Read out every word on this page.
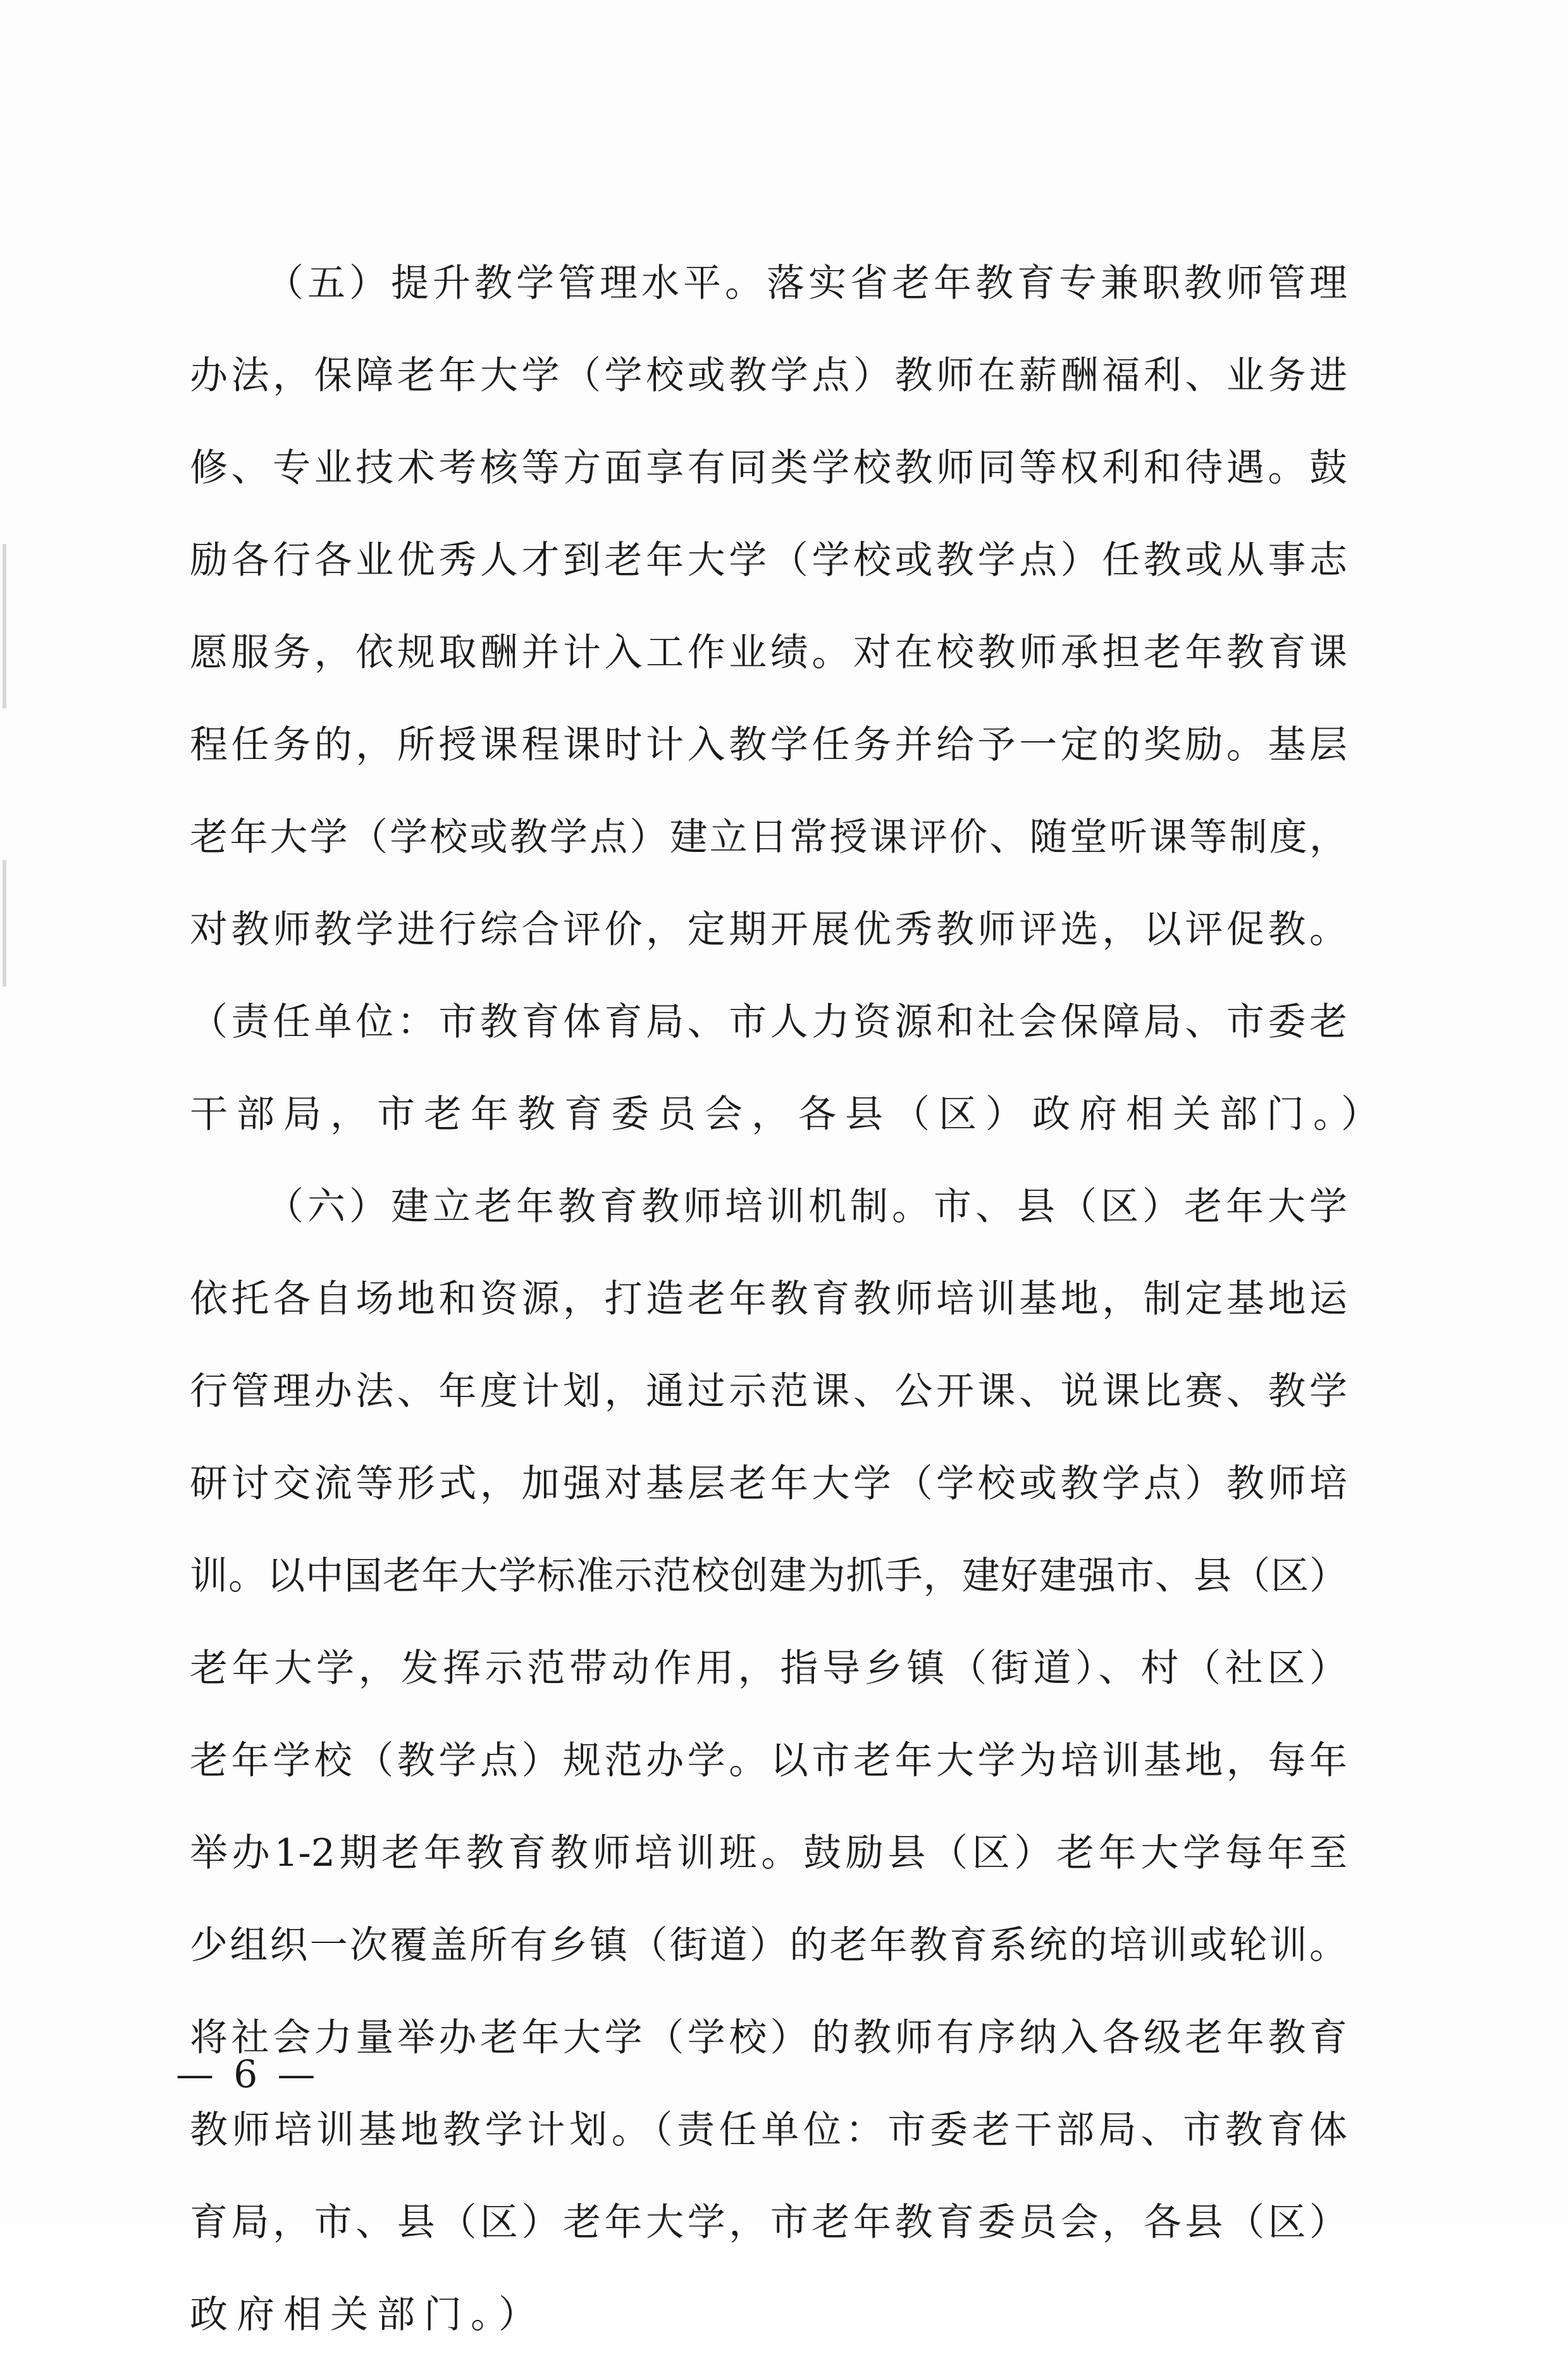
（五）提升教学管理水平。落实省老年教育专兼职教师管理
办法，保障老年大学（学校或教学点）教师在薪酬福利、业务进
修、专业技术考核等方面享有同类学校教师同等权利和待遇。鼓
励各行各业优秀人才到老年大学（学校或教学点）任教或从事志
愿服务，依规取酬并计入工作业绩。对在校教师承担老年教育课
程任务的，所授课程课时计入教学任务并给予一定的奖励。基层
老年大学（学校或教学点）建立日常授课评价、随堂听课等制度，
对教师教学进行综合评价，定期开展优秀教师评选，以评促教。
（责任单位：市教育体育局、市人力资源和社会保障局、市委老
干部局，市老年教育委员会，各县（区）政府相关部门。）
（六）建立老年教育教师培训机制。市、县（区）老年大学
依托各自场地和资源，打造老年教育教师培训基地，制定基地运
行管理办法、年度计划，通过示范课、公开课、说课比赛、教学
研讨交流等形式，加强对基层老年大学（学校或教学点）教师培
训。以中国老年大学标准示范校创建为抓手，建好建强市、县（区）
老年大学，发挥示范带动作用，指导乡镇（街道）、村（社区）
老年学校（教学点）规范办学。以市老年大学为培训基地，每年
举办1-2期老年教育教师培训班。鼓励县（区）老年大学每年至
少组织一次覆盖所有乡镇（街道）的老年教育系统的培训或轮训。
将社会力量举办老年大学（学校）的教师有序纳入各级老年教育
教师培训基地教学计划。（责任单位：市委老干部局、市教育体
育局，市、县（区）老年大学，市老年教育委员会，各县（区）
政府相关部门。）
— 6 —
